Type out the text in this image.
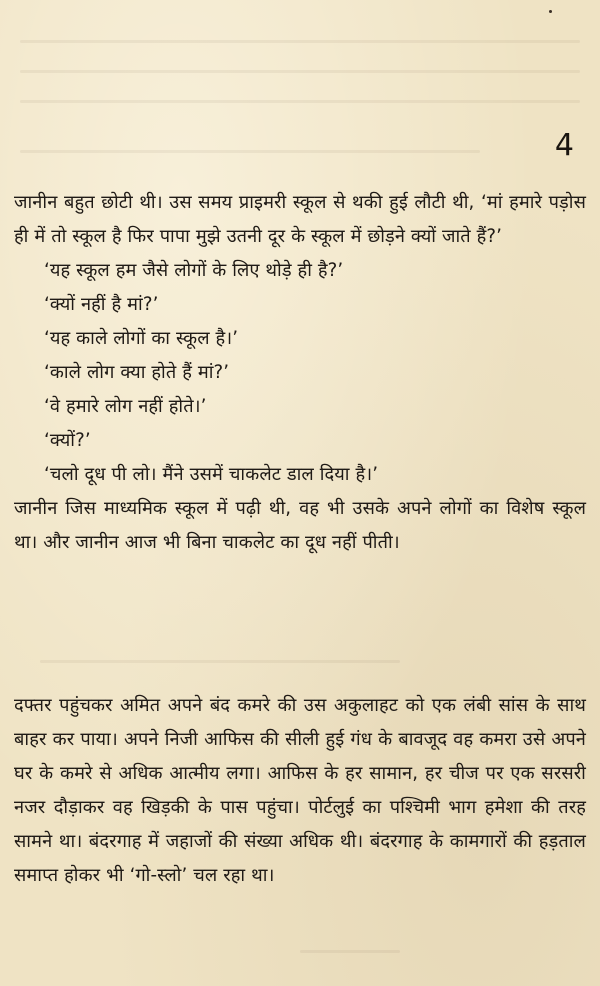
4

जानीन बहुत छोटी थी। उस समय प्राइमरी स्कूल से थकी हुई लौटी थी, ‘मां हमारे पड़ोस ही में तो स्कूल है फिर पापा मुझे उतनी दूर के स्कूल में छोड़ने क्यों जाते हैं?’

‘यह स्कूल हम जैसे लोगों के लिए थोड़े ही है?’

‘क्यों नहीं है मां?’

‘यह काले लोगों का स्कूल है।’

‘काले लोग क्या होते हैं मां?’

‘वे हमारे लोग नहीं होते।’

‘क्यों?’

‘चलो दूध पी लो। मैंने उसमें चाकलेट डाल दिया है।’

जानीन जिस माध्यमिक स्कूल में पढ़ी थी, वह भी उसके अपने लोगों का विशेष स्कूल था। और जानीन आज भी बिना चाकलेट का दूध नहीं पीती।

दफ्तर पहुंचकर अमित अपने बंद कमरे की उस अकुलाहट को एक लंबी सांस के साथ बाहर कर पाया। अपने निजी आफिस की सीली हुई गंध के बावजूद वह कमरा उसे अपने घर के कमरे से अधिक आत्मीय लगा। आफिस के हर सामान, हर चीज पर एक सरसरी नजर दौड़ाकर वह खिड़की के पास पहुंचा। पोर्टलुई का पश्चिमी भाग हमेशा की तरह सामने था। बंदरगाह में जहाजों की संख्या अधिक थी। बंदरगाह के कामगारों की हड़ताल समाप्त होकर भी ‘गो-स्लो’ चल रहा था।
